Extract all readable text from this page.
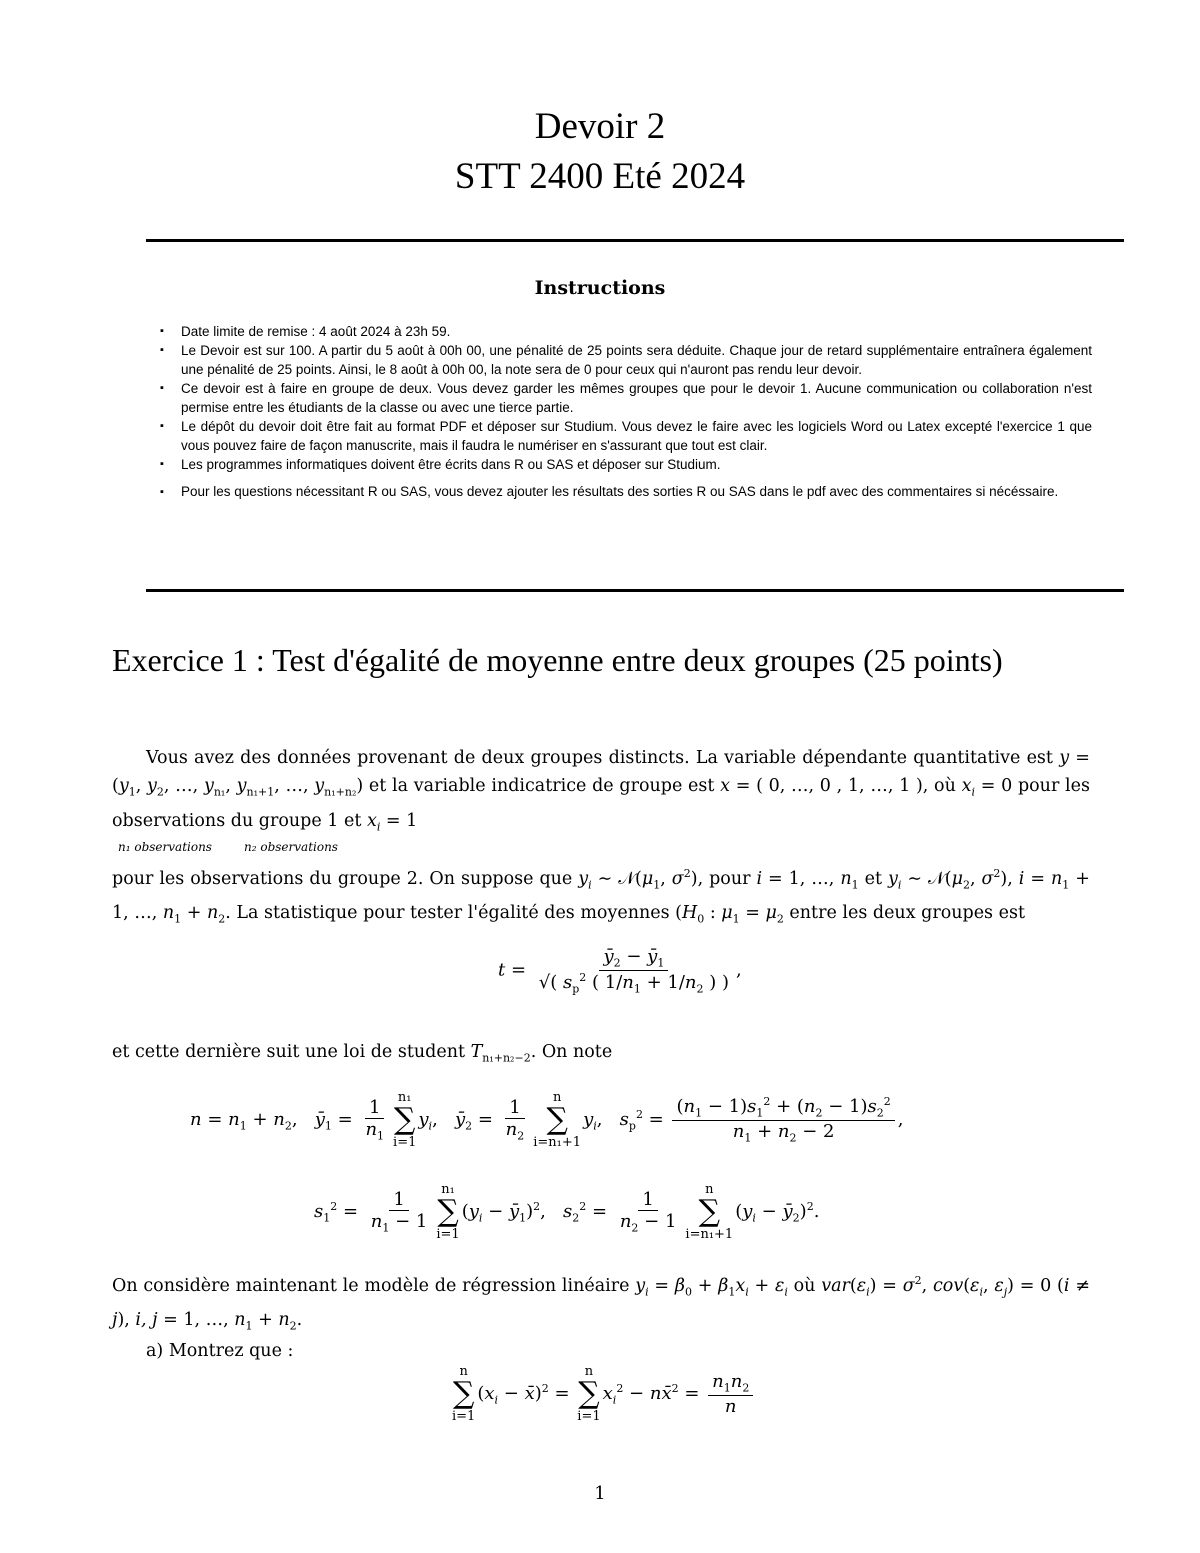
Devoir 2
STT 2400 Eté 2024
Instructions
▪ Date limite de remise : 4 août 2024 à 23h 59.
▪ Le Devoir est sur 100. A partir du 5 août à 00h 00, une pénalité de 25 points sera déduite. Chaque jour de retard supplémentaire entraînera également une pénalité de 25 points. Ainsi, le 8 août à 00h 00, la note sera de 0 pour ceux qui n'auront pas rendu leur devoir.
▪ Ce devoir est à faire en groupe de deux. Vous devez garder les mêmes groupes que pour le devoir 1. Aucune communication ou collaboration n'est permise entre les étudiants de la classe ou avec une tierce partie.
▪ Le dépôt du devoir doit être fait au format PDF et déposer sur Studium. Vous devez le faire avec les logiciels Word ou Latex excepté l'exercice 1 que vous pouvez faire de façon manuscrite, mais il faudra le numériser en s'assurant que tout est clair.
▪ Les programmes informatiques doivent être écrits dans R ou SAS et déposer sur Studium.
▪ Pour les questions nécessitant R ou SAS, vous devez ajouter les résultats des sorties R ou SAS dans le pdf avec des commentaires si nécéssaire.
Exercice 1 : Test d'égalité de moyenne entre deux groupes (25 points)
Vous avez des données provenant de deux groupes distincts. La variable dépendante quantitative est $y = (y_1$, $y_2$, …, $y_{n_1}$, $y_{n_1+1}$, …, $y_{n_1+n_2}$) et la variable indicatrice de groupe est x = ( 0, …, 0 , 1, …, 1 ), où $x_i = 0$ pour les observations du groupe 1 et $x_i = 1$
n₁ observations	n₂ observations
pour les observations du groupe 2. On suppose que $y_i$ ∼ $𝒩(\mu_1$, $\sigma^2$), pour i = 1, …, $n_1$ et $y_i$ ∼ $𝒩(\mu_2$, $\sigma^2$), $i = n_1 + 1$, …, $n_1 + n_2$. La statistique pour tester l'égalité des moyennes ($H_0$ : $\mu_1 = \mu_2$ entre les deux groupes est
$t = \frac{ȳ_2 - ȳ_1}{√( s_p^2 ( 1/n_1 + 1/n_2 ) )}$ ,
et cette dernière suit une loi de student $T_{n_1+n_2-2}$. On note
$n = n_1 + n_2$,   $ȳ_1 = \frac{1}{n_1} n_1$
∑
i=1
$y_i$,   $ȳ_2 = \frac{1}{n_2}$ n
∑
i=n₁+1
$y_i$,   $s_p^2 = \frac{(n_1 - 1)s_1^2 + (n_2 - 1)s_2^2}{n_1 + n_2 - 2}$ ,
$s_1^2 = \frac{1}{n_1 - 1} n_1$
∑
i=1
($y_i$ − $ȳ_1)^2$,   $s_2^2 = \frac{1}{n_2 - 1}$ n
∑
i=n₁+1
($y_i$ − $ȳ_2)^2$.
On considère maintenant le modèle de régression linéaire $y_i = \beta_0 + \beta_1x_i + \varepsilon_i$ où $var(\varepsilon_i) = \sigma^2$, $cov(\varepsilon_i$, $\varepsilon_j) = 0$ (i ≠ j), i, j = 1, …, $n_1 + n_2$.
a) Montrez que :
n
∑
i=1
($x_i$ − x̄)$^2$ =
n
∑
i=1
$x_i^2$ − nx̄$^2$ = $\frac{n_1n_2}{n}$
1
